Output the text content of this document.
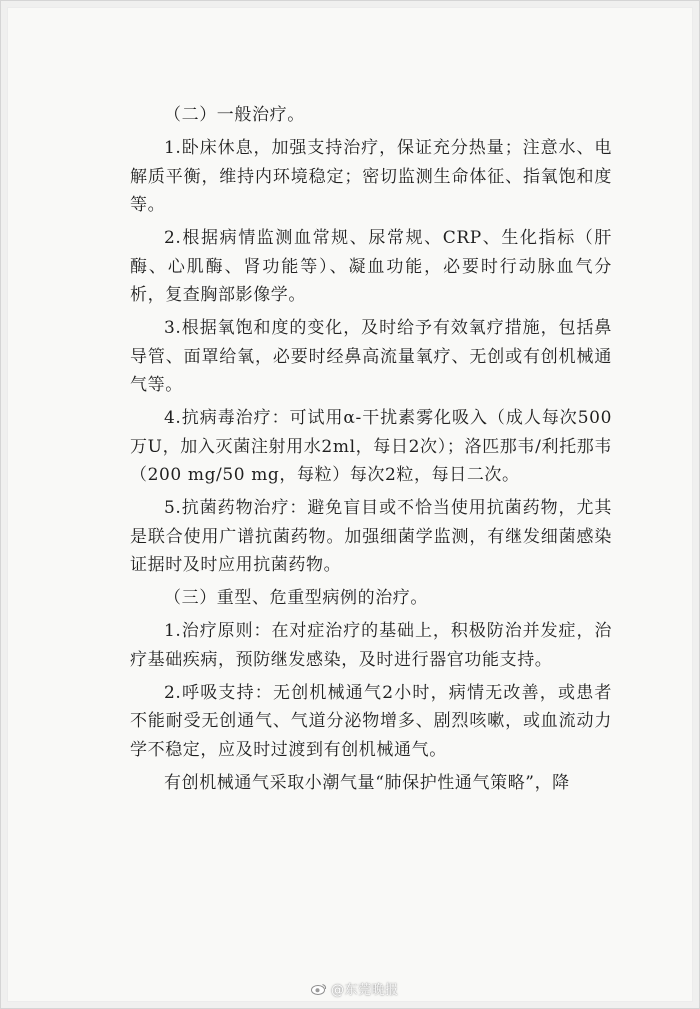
（二）一般治疗。

1.卧床休息，加强支持治疗，保证充分热量；注意水、电解质平衡，维持内环境稳定；密切监测生命体征、指氧饱和度等。

2.根据病情监测血常规、尿常规、CRP、生化指标（肝酶、心肌酶、肾功能等）、凝血功能，必要时行动脉血气分析，复查胸部影像学。

3.根据氧饱和度的变化，及时给予有效氧疗措施，包括鼻导管、面罩给氧，必要时经鼻高流量氧疗、无创或有创机械通气等。

4.抗病毒治疗：可试用α-干扰素雾化吸入（成人每次500万U，加入灭菌注射用水2ml，每日2次）；洛匹那韦/利托那韦（200 mg/50 mg，每粒）每次2粒，每日二次。

5.抗菌药物治疗：避免盲目或不恰当使用抗菌药物，尤其是联合使用广谱抗菌药物。加强细菌学监测，有继发细菌感染证据时及时应用抗菌药物。

（三）重型、危重型病例的治疗。

1.治疗原则：在对症治疗的基础上，积极防治并发症，治疗基础疾病，预防继发感染，及时进行器官功能支持。

2.呼吸支持：无创机械通气2小时，病情无改善，或患者不能耐受无创通气、气道分泌物增多、剧烈咳嗽，或血流动力学不稳定，应及时过渡到有创机械通气。

有创机械通气采取小潮气量“肺保护性通气策略”，降

@东莞晚报
